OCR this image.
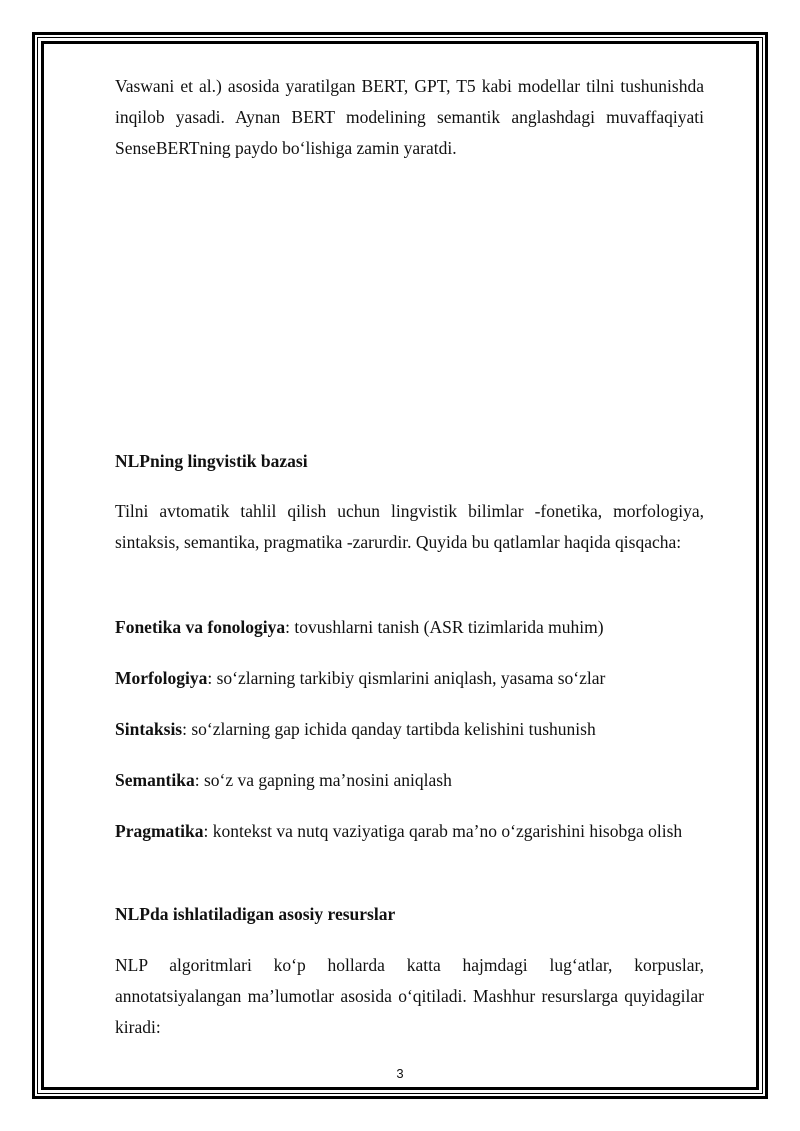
Vaswani et al.) asosida yaratilgan BERT, GPT, T5 kabi modellar tilni tushunishda inqilob yasadi. Aynan BERT modelining semantik anglashdagi muvaffaqiyati SenseBERTning paydo bo‘lishiga zamin yaratdi.

NLPning lingvistik bazasi

Tilni avtomatik tahlil qilish uchun lingvistik bilimlar -fonetika, morfologiya, sintaksis, semantika, pragmatika -zarurdir. Quyida bu qatlamlar haqida qisqacha:

Fonetika va fonologiya: tovushlarni tanish (ASR tizimlarida muhim)

Morfologiya: so‘zlarning tarkibiy qismlarini aniqlash, yasama so‘zlar

Sintaksis: so‘zlarning gap ichida qanday tartibda kelishini tushunish

Semantika: so‘z va gapning ma’nosini aniqlash

Pragmatika: kontekst va nutq vaziyatiga qarab ma’no o‘zgarishini hisobga olish

NLPda ishlatiladigan asosiy resurslar

NLP algoritmlari ko‘p hollarda katta hajmdagi lug‘atlar, korpuslar, annotatsiyalangan ma’lumotlar asosida o‘qitiladi. Mashhur resurslarga quyidagilar kiradi:

3
